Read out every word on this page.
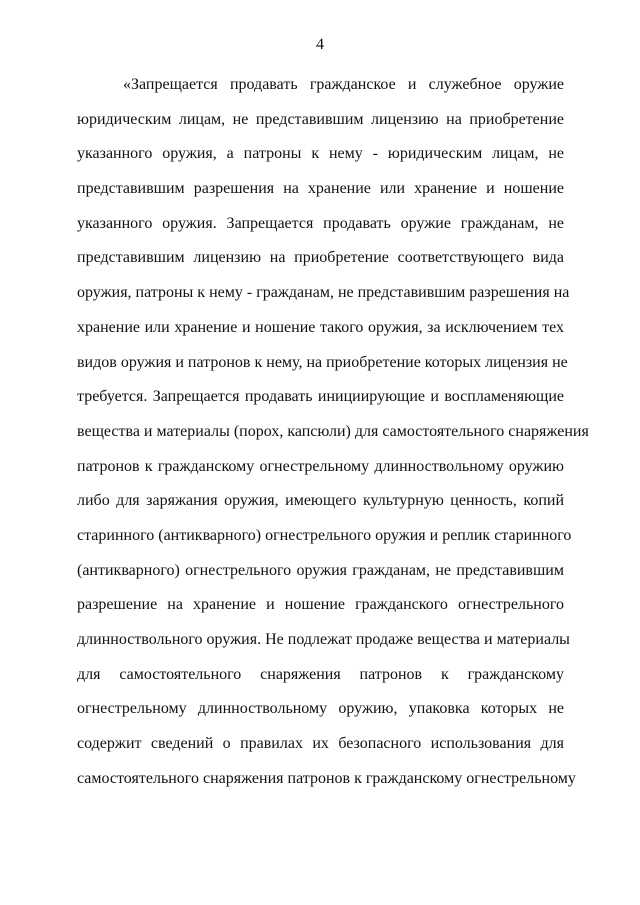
4
«Запрещается продавать гражданское и служебное оружие
юридическим лицам, не представившим лицензию на приобретение
указанного оружия, а патроны к нему - юридическим лицам, не
представившим разрешения на хранение или хранение и ношение
указанного оружия. Запрещается продавать оружие гражданам, не
представившим лицензию на приобретение соответствующего вида
оружия, патроны к нему - гражданам, не представившим разрешения на
хранение или хранение и ношение такого оружия, за исключением тех
видов оружия и патронов к нему, на приобретение которых лицензия не
требуется. Запрещается продавать инициирующие и воспламеняющие
вещества и материалы (порох, капсюли) для самостоятельного снаряжения
патронов к гражданскому огнестрельному длинноствольному оружию
либо для заряжания оружия, имеющего культурную ценность, копий
старинного (антикварного) огнестрельного оружия и реплик старинного
(антикварного) огнестрельного оружия гражданам, не представившим
разрешение на хранение и ношение гражданского огнестрельного
длинноствольного оружия. Не подлежат продаже вещества и материалы
для самостоятельного снаряжения патронов к гражданскому
огнестрельному длинноствольному оружию, упаковка которых не
содержит сведений о правилах их безопасного использования для
самостоятельного снаряжения патронов к гражданскому огнестрельному
